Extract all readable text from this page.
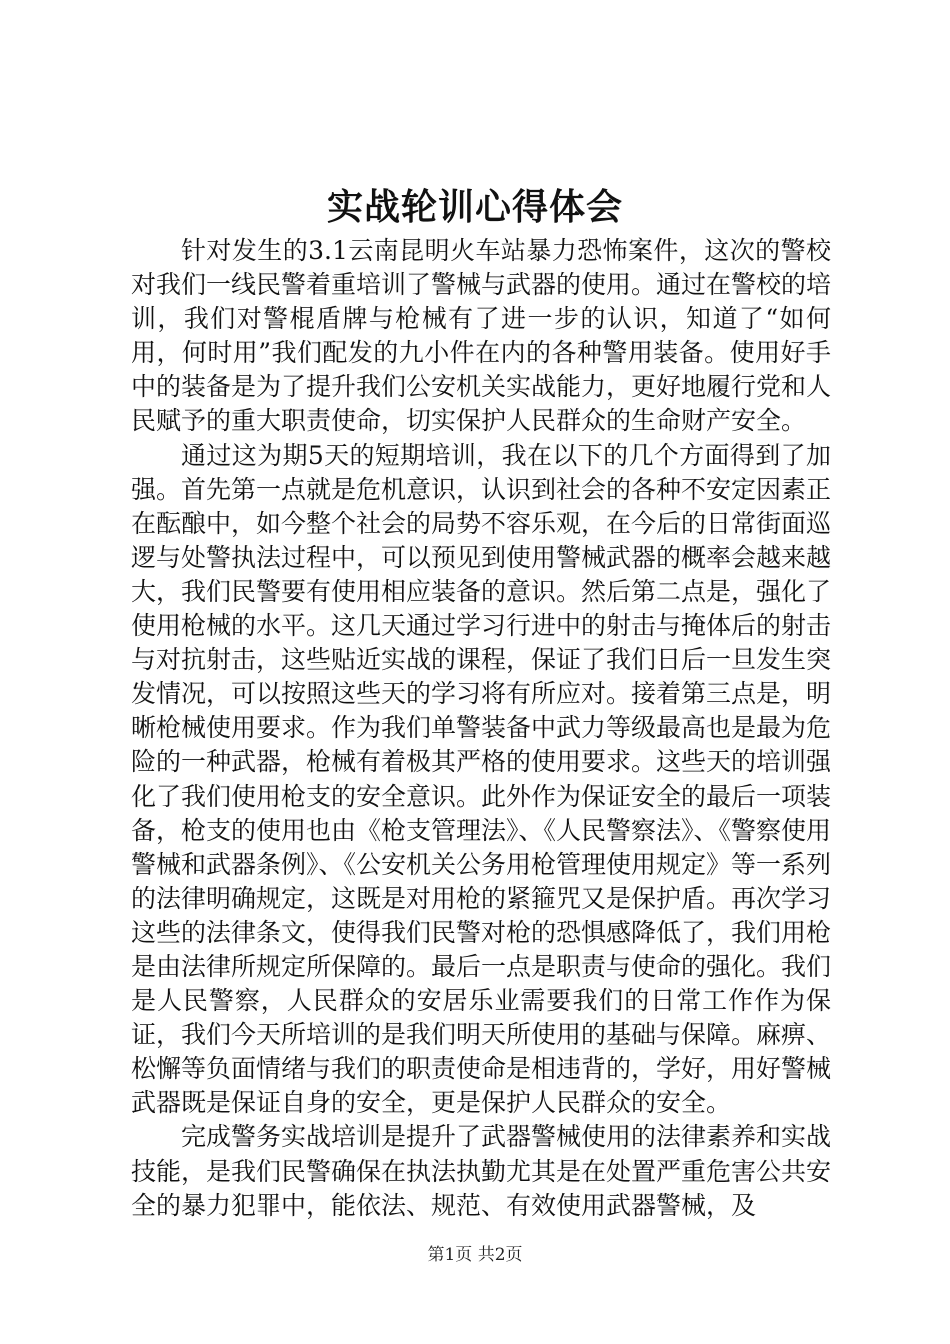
实战轮训心得体会

针对发生的3.1云南昆明火车站暴力恐怖案件，这次的警校对我们一线民警着重培训了警械与武器的使用。通过在警校的培训，我们对警棍盾牌与枪械有了进一步的认识，知道了“如何用，何时用”我们配发的九小件在内的各种警用装备。使用好手中的装备是为了提升我们公安机关实战能力，更好地履行党和人民赋予的重大职责使命，切实保护人民群众的生命财产安全。

通过这为期5天的短期培训，我在以下的几个方面得到了加强。首先第一点就是危机意识，认识到社会的各种不安定因素正在酝酿中，如今整个社会的局势不容乐观，在今后的日常街面巡逻与处警执法过程中，可以预见到使用警械武器的概率会越来越大，我们民警要有使用相应装备的意识。然后第二点是，强化了使用枪械的水平。这几天通过学习行进中的射击与掩体后的射击与对抗射击，这些贴近实战的课程，保证了我们日后一旦发生突发情况，可以按照这些天的学习将有所应对。接着第三点是，明晰枪械使用要求。作为我们单警装备中武力等级最高也是最为危险的一种武器，枪械有着极其严格的使用要求。这些天的培训强化了我们使用枪支的安全意识。此外作为保证安全的最后一项装备，枪支的使用也由《枪支管理法》、《人民警察法》、《警察使用警械和武器条例》、《公安机关公务用枪管理使用规定》等一系列的法律明确规定，这既是对用枪的紧箍咒又是保护盾。再次学习这些的法律条文，使得我们民警对枪的恐惧感降低了，我们用枪是由法律所规定所保障的。最后一点是职责与使命的强化。我们是人民警察，人民群众的安居乐业需要我们的日常工作作为保证，我们今天所培训的是我们明天所使用的基础与保障。麻痹、松懈等负面情绪与我们的职责使命是相违背的，学好，用好警械武器既是保证自身的安全，更是保护人民群众的安全。

完成警务实战培训是提升了武器警械使用的法律素养和实战技能，是我们民警确保在执法执勤尤其是在处置严重危害公共安全的暴力犯罪中，能依法、规范、有效使用武器警械，及

第1页 共2页
